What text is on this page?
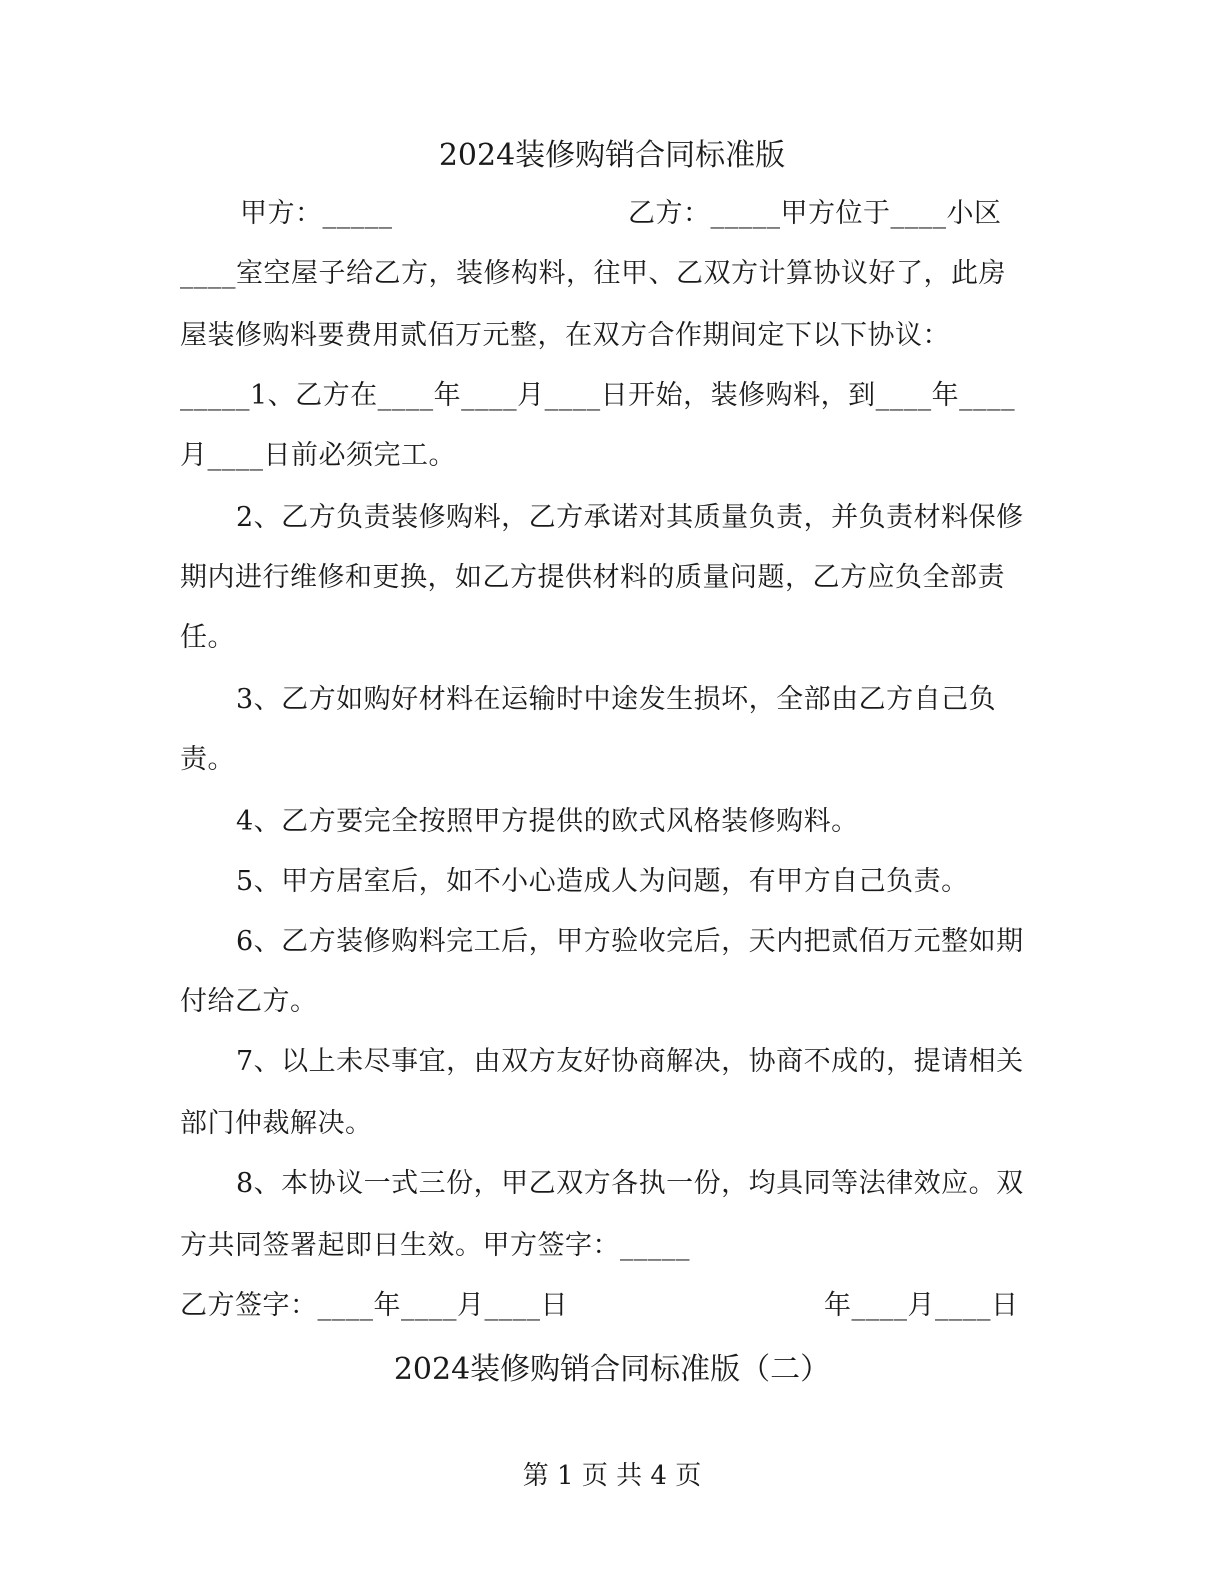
2024装修购销合同标准版
甲方：_____	乙方：_____甲方位于____小区
____室空屋子给乙方，装修构料，往甲、乙双方计算协议好了，此房
屋装修购料要费用贰佰万元整，在双方合作期间定下以下协议：
_____1、乙方在____年____月____日开始，装修购料，到____年____
月____日前必须完工。
2、乙方负责装修购料，乙方承诺对其质量负责，并负责材料保修
期内进行维修和更换，如乙方提供材料的质量问题，乙方应负全部责
任。
3、乙方如购好材料在运输时中途发生损坏，全部由乙方自己负
责。
4、乙方要完全按照甲方提供的欧式风格装修购料。
5、甲方居室后，如不小心造成人为问题，有甲方自己负责。
6、乙方装修购料完工后，甲方验收完后，天内把贰佰万元整如期
付给乙方。
7、以上未尽事宜，由双方友好协商解决，协商不成的，提请相关
部门仲裁解决。
8、本协议一式三份，甲乙双方各执一份，均具同等法律效应。双
方共同签署起即日生效。甲方签字：_____
乙方签字：____年____月____日	年____月____日
2024装修购销合同标准版（二）
第 1 页 共 4 页
